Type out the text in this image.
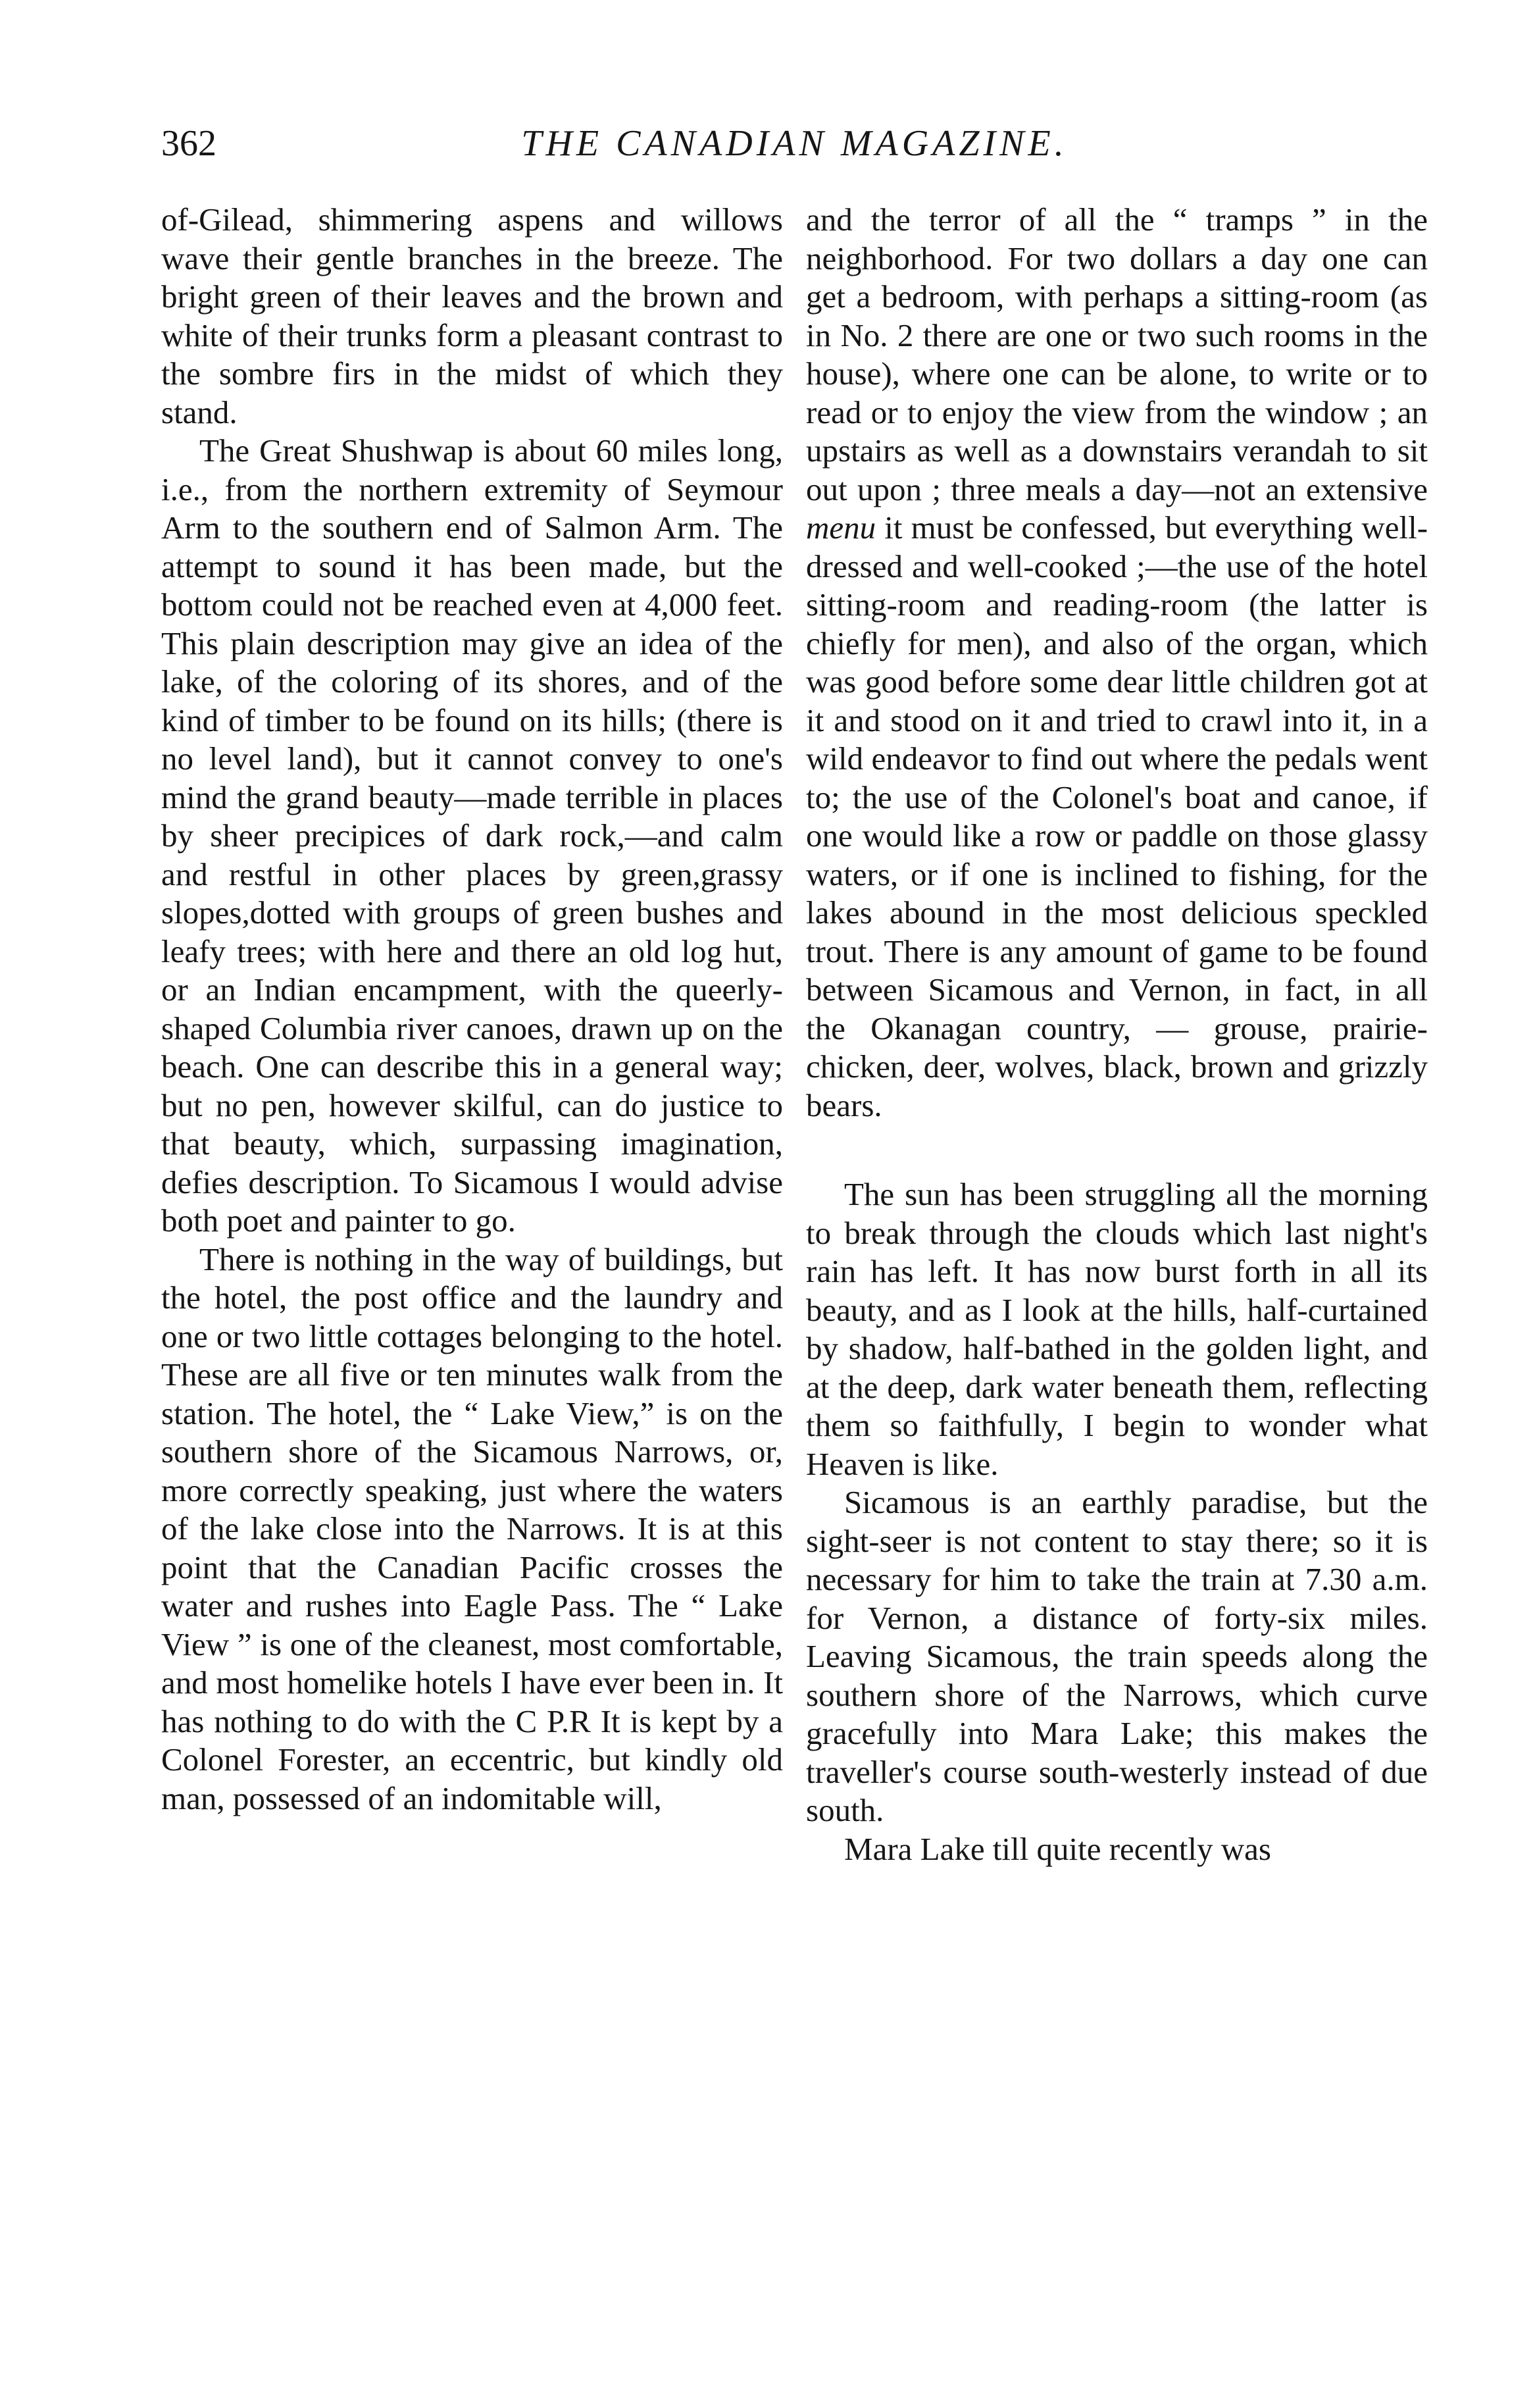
362	THE CANADIAN MAGAZINE.

of-Gilead, shimmering aspens and willows wave their gentle branches in the breeze. The bright green of their leaves and the brown and white of their trunks form a pleasant contrast to the sombre firs in the midst of which they stand.

The Great Shushwap is about 60 miles long, i.e., from the northern extremity of Seymour Arm to the southern end of Salmon Arm. The attempt to sound it has been made, but the bottom could not be reached even at 4,000 feet. This plain description may give an idea of the lake, of the coloring of its shores, and of the kind of timber to be found on its hills; (there is no level land), but it cannot convey to one's mind the grand beauty—made terrible in places by sheer precipices of dark rock,—and calm and restful in other places by green,grassy slopes,dotted with groups of green bushes and leafy trees; with here and there an old log hut, or an Indian encampment, with the queerly-shaped Columbia river canoes, drawn up on the beach. One can describe this in a general way; but no pen, however skilful, can do justice to that beauty, which, surpassing imagination, defies description. To Sicamous I would advise both poet and painter to go.

There is nothing in the way of buildings, but the hotel, the post office and the laundry and one or two little cottages belonging to the hotel. These are all five or ten minutes walk from the station. The hotel, the “ Lake View,” is on the southern shore of the Sicamous Narrows, or, more correctly speaking, just where the waters of the lake close into the Narrows. It is at this point that the Canadian Pacific crosses the water and rushes into Eagle Pass. The “ Lake View ” is one of the cleanest, most comfortable, and most homelike hotels I have ever been in. It has nothing to do with the C P.R It is kept by a Colonel Forester, an eccentric, but kindly old man, possessed of an indomitable will,

and the terror of all the “ tramps ” in the neighborhood. For two dollars a day one can get a bedroom, with perhaps a sitting-room (as in No. 2 there are one or two such rooms in the house), where one can be alone, to write or to read or to enjoy the view from the window ; an upstairs as well as a downstairs verandah to sit out upon ; three meals a day—not an extensive menu it must be confessed, but everything well-dressed and well-cooked ;—the use of the hotel sitting-room and reading-room (the latter is chiefly for men), and also of the organ, which was good before some dear little children got at it and stood on it and tried to crawl into it, in a wild endeavor to find out where the pedals went to; the use of the Colonel's boat and canoe, if one would like a row or paddle on those glassy waters, or if one is inclined to fishing, for the lakes abound in the most delicious speckled trout. There is any amount of game to be found between Sicamous and Vernon, in fact, in all the Okanagan country, — grouse, prairie-chicken, deer, wolves, black, brown and grizzly bears.

The sun has been struggling all the morning to break through the clouds which last night's rain has left. It has now burst forth in all its beauty, and as I look at the hills, half-curtained by shadow, half-bathed in the golden light, and at the deep, dark water beneath them, reflecting them so faithfully, I begin to wonder what Heaven is like.

Sicamous is an earthly paradise, but the sight-seer is not content to stay there; so it is necessary for him to take the train at 7.30 a.m. for Vernon, a distance of forty-six miles. Leaving Sicamous, the train speeds along the southern shore of the Narrows, which curve gracefully into Mara Lake; this makes the traveller's course south-westerly instead of due south.

Mara Lake till quite recently was
